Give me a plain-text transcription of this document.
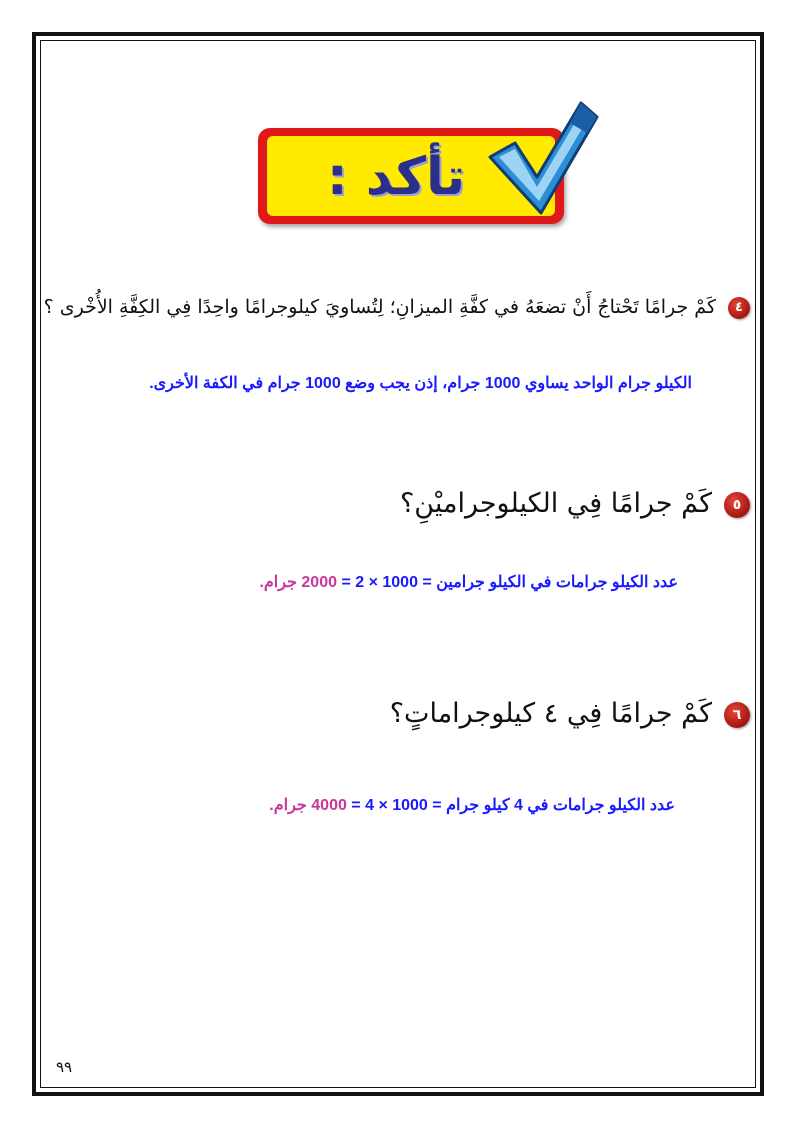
تأكد :
٤كَمْ جرامًا تَحْتاجُ أَنْ تضعَهُ في كفَّةِ الميزانِ؛ لِتُساويَ كيلوجرامًا واحِدًا فِي الكِفَّةِ الأُخْرى ؟
الكيلو جرام الواحد يساوي 1000 جرام، إذن يجب وضع 1000 جرام في الكفة الأخرى.
٥كَمْ جرامًا فِي الكيلوجراميْنِ؟
عدد الكيلو جرامات في الكيلو جرامين = 1000 × 2 = 2000 جرام.
٦كَمْ جرامًا فِي ٤ كيلوجراماتٍ؟
عدد الكيلو جرامات في 4 كيلو جرام = 1000 × 4 = 4000 جرام.
٩٩
